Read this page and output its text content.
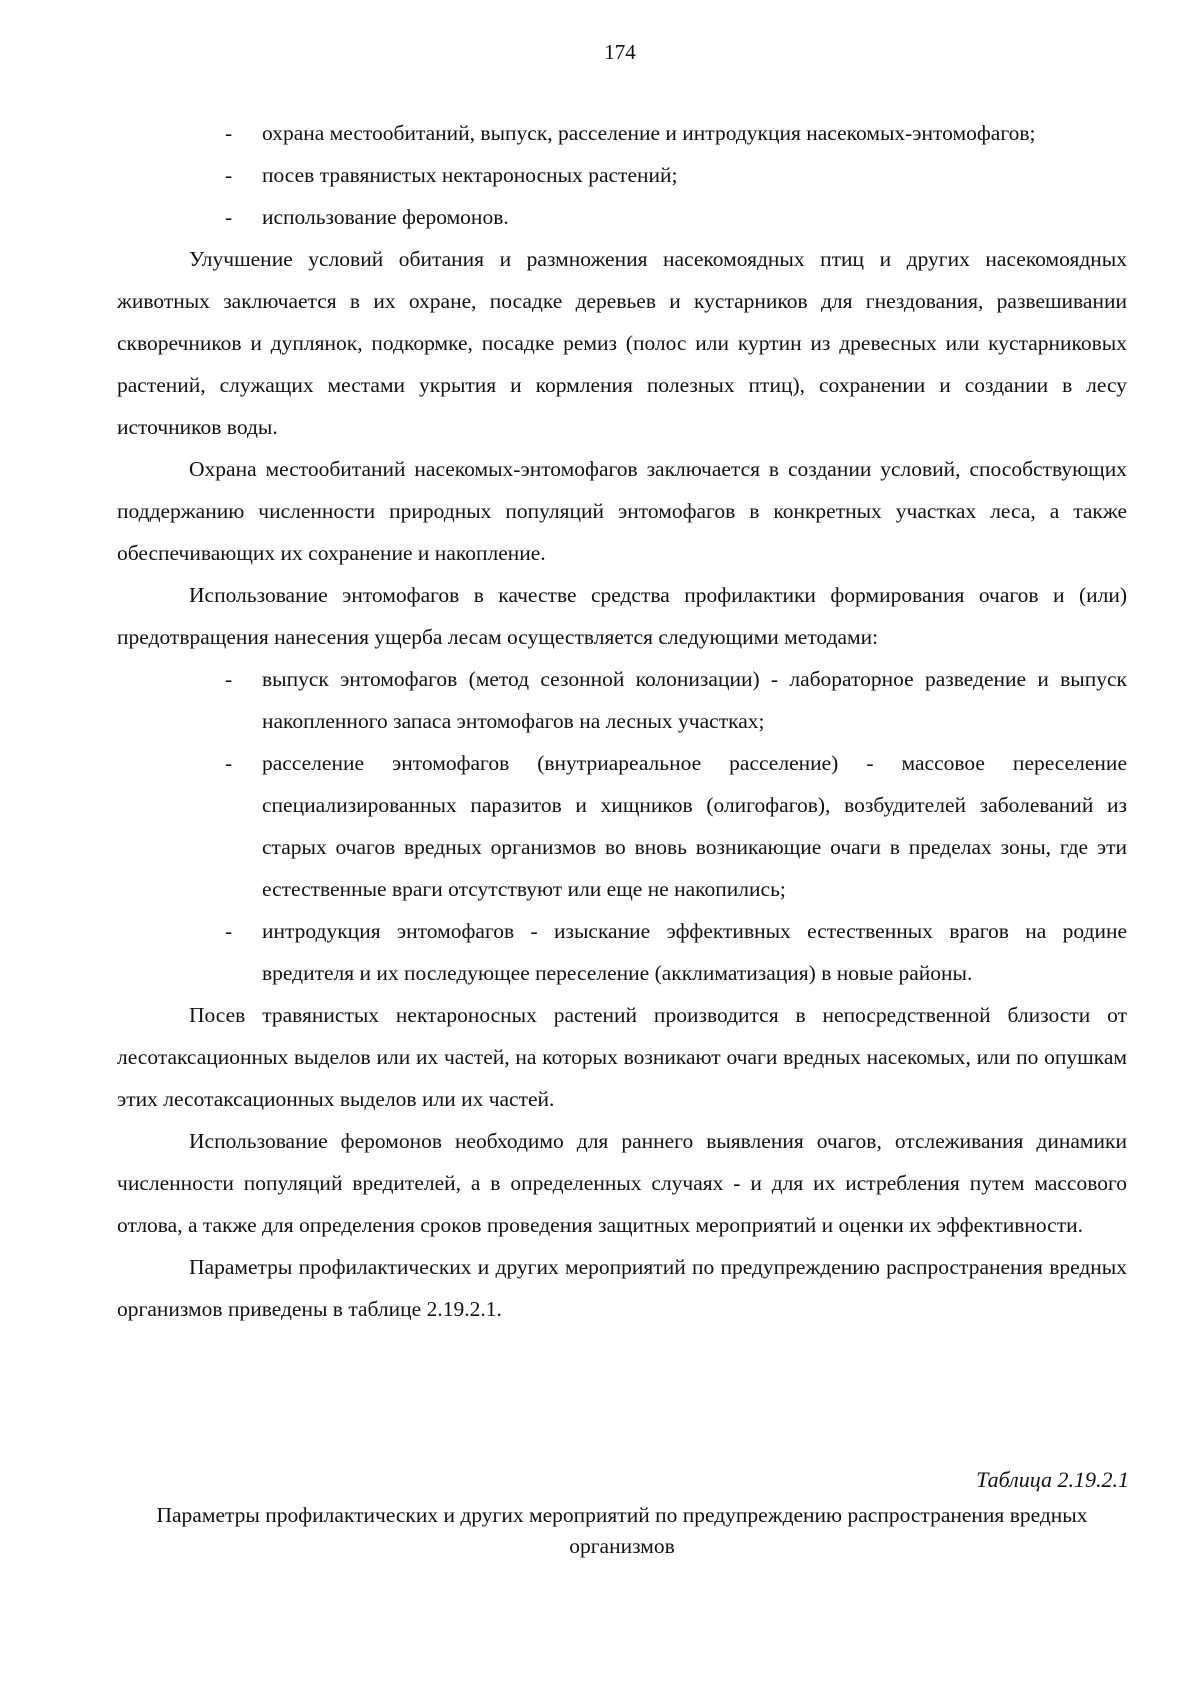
174
- охрана местообитаний, выпуск, расселение и интродукция насекомых-энтомофагов;
- посев травянистых нектароносных растений;
- использование феромонов.

Улучшение условий обитания и размножения насекомоядных птиц и других насекомоядных животных заключается в их охране, посадке деревьев и кустарников для гнездования, развешивании скворечников и дуплянок, подкормке, посадке ремиз (полос или куртин из древесных или кустарниковых растений, служащих местами укрытия и кормления полезных птиц), сохранении и создании в лесу источников воды.

Охрана местообитаний насекомых-энтомофагов заключается в создании условий, способствующих поддержанию численности природных популяций энтомофагов в конкретных участках леса, а также обеспечивающих их сохранение и накопление.

Использование энтомофагов в качестве средства профилактики формирования очагов и (или) предотвращения нанесения ущерба лесам осуществляется следующими методами:

- выпуск энтомофагов (метод сезонной колонизации) - лабораторное разведение и выпуск накопленного запаса энтомофагов на лесных участках;
- расселение энтомофагов (внутриареальное расселение) - массовое переселение специализированных паразитов и хищников (олигофагов), возбудителей заболеваний из старых очагов вредных организмов во вновь возникающие очаги в пределах зоны, где эти естественные враги отсутствуют или еще не накопились;
- интродукция энтомофагов - изыскание эффективных естественных врагов на родине вредителя и их последующее переселение (акклиматизация) в новые районы.

Посев травянистых нектароносных растений производится в непосредственной близости от лесотаксационных выделов или их частей, на которых возникают очаги вредных насекомых, или по опушкам этих лесотаксационных выделов или их частей.

Использование феромонов необходимо для раннего выявления очагов, отслеживания динамики численности популяций вредителей, а в определенных случаях - и для их истребления путем массового отлова, а также для определения сроков проведения защитных мероприятий и оценки их эффективности.

Параметры профилактических и других мероприятий по предупреждению распространения вредных организмов приведены в таблице 2.19.2.1.

Таблица 2.19.2.1
Параметры профилактических и других мероприятий по предупреждению распространения вредных организмов
